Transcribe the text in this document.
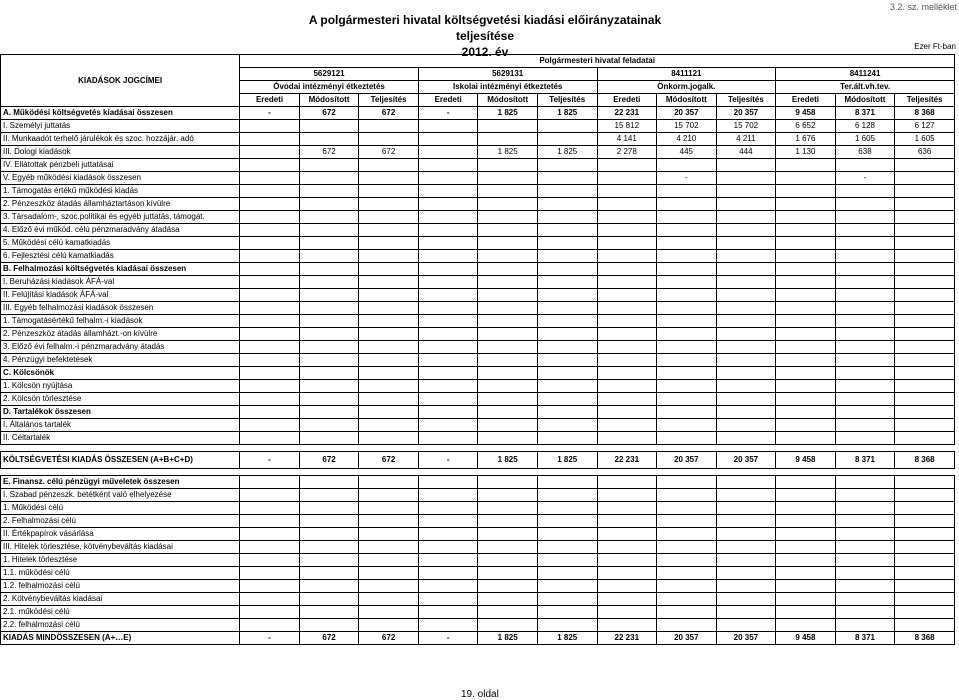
3.2. sz. melléklet
A polgármesteri hivatal költségvetési kiadási előirányzatainak teljesítése
2012. év	Ezer Ft-ban
KIADÁSOK JOGCÍMEI	Polgármesteri hivatal feladatai											
	5629121			5629131			8411121			8411241		
	Óvodai intézményi étkeztetés			Iskolai intézményi étkeztetés			Önkorm.jogalk.			Ter.ált.vh.tev.		
	Eredeti	Módosított	Teljesítés	Eredeti	Módosított	Teljesítés	Eredeti	Módosított	Teljesítés	Eredeti	Módosított	Teljesítés
A. Működési költségvetés kiadásai összesen	-	672	672	-	1 825	1 825	22 231	20 357	20 357	9 458	8 371	8 368
I. Személyi juttatás							15 812	15 702	15 702	6 652	6 128	6 127
II. Munkaadót terhelő járulékok és szoc. hozzájár. adó							4 141	4 210	4 211	1 676	1 605	1 605
III. Dologi kiadások		672	672		1 825	1 825	2 278	445	444	1 130	638	636
IV. Ellátottak pénzbeli juttatásai												
V. Egyéb működési kiadások összesen								-			-	
1. Támogatás értékű működési kiadás												
2. Pénzeszköz átadás államháztartáson kívülre												
3. Társadalom-, szoc.politikai és egyéb juttatás, támogat.												
4. Előző évi működ. célú pénzmaradvány átadása												
5. Működési célú kamatkiadás												
6. Fejlesztési célú kamatkiadás												
B. Felhalmozási költségvetés kiadásai összesen												
I. Beruházási kiadások ÁFÁ-val												
II. Felújítási kiadások ÁFÁ-val												
III. Egyéb felhalmozási kiadások összesen												
1. Támogatásértékű felhalm.-i kiadások												
2. Pénzeszköz átadás államházt.-on kívülre												
3. Előző évi felhalm.-i pénzmaradvány átadás												
4. Pénzügyi befektetések												
C. Kölcsönök												
1. Kölcsön nyújtása												
2. Kölcsön törlesztése												
D. Tartalékok összesen												
I. Általános tartalék												
II. Céltartalék												

KÖLTSÉGVETÉSI KIADÁS ÖSSZESEN (A+B+C+D)	-	672	672	-	1 825	1 825	22 231	20 357	20 357	9 458	8 371	8 368

E. Finansz. célú pénzügyi műveletek összesen												
I. Szabad pénzeszk. betétként való elhelyezése												
1. Működési célú												
2. Felhalmozási célú												
II. Értékpapírok vásárlása												
III. Hitelek törlesztése, kötvénybeváltás kiadásai												
1. Hitelek törlesztése												
1.1. működési célú												
1.2. felhalmozási célú												
2. Kötvénybeváltás kiadásai												
2.1. működési célú												
2.2. felhalmozási célú												
KIADÁS MINDÖSSZESEN (A+…E)	-	672	672	-	1 825	1 825	22 231	20 357	20 357	9 458	8 371	8 368
19. oldal
